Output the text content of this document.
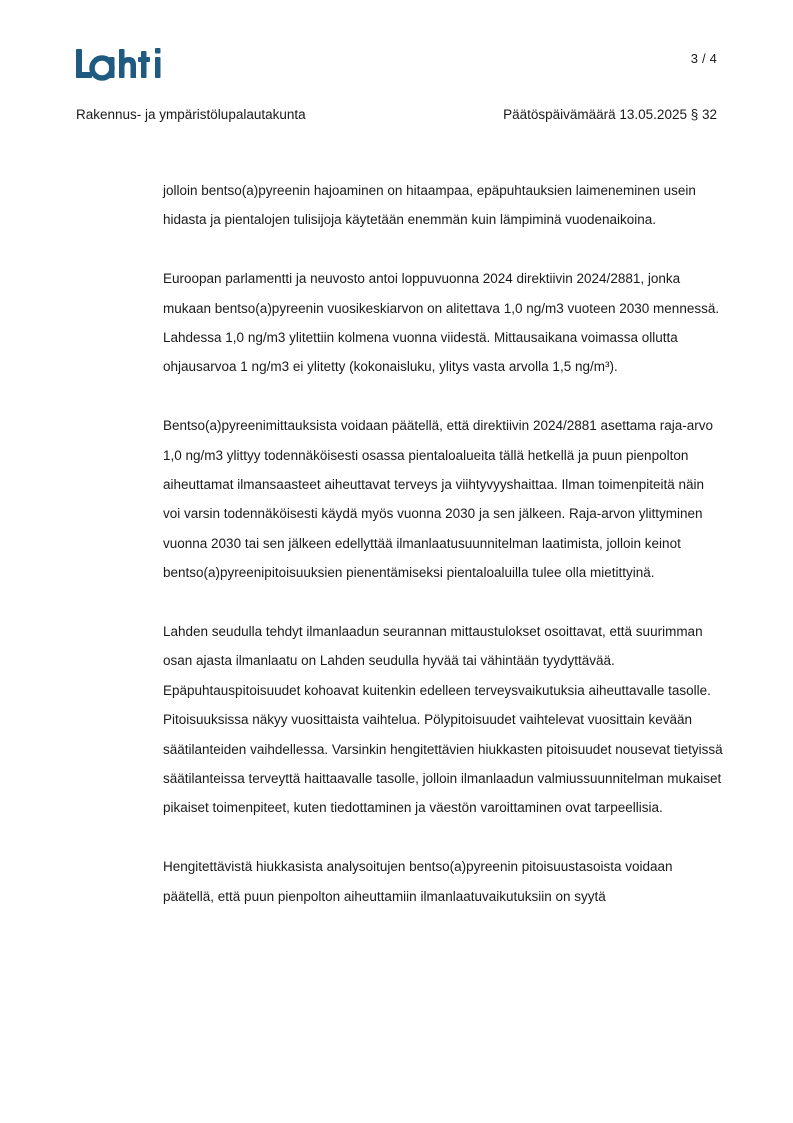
3 / 4
Rakennus- ja ympäristölupalautakunta	Päätöspäivämäärä 13.05.2025 § 32

jolloin bentso(a)pyreenin hajoaminen on hitaampaa, epäpuhtauksien laimeneminen usein hidasta ja pientalojen tulisijoja käytetään enemmän kuin lämpiminä vuodenaikoina.

Euroopan parlamentti ja neuvosto antoi loppuvuonna 2024 direktiivin 2024/2881, jonka mukaan bentso(a)pyreenin vuosikeskiarvon on alitettava 1,0 ng/m3 vuoteen 2030 mennessä. Lahdessa 1,0 ng/m3 ylitettiin kolmena vuonna viidestä. Mittausaikana voimassa ollutta ohjausarvoa 1 ng/m3 ei ylitetty (kokonaisluku, ylitys vasta arvolla 1,5 ng/m³).

Bentso(a)pyreenimittauksista voidaan päätellä, että direktiivin 2024/2881 asettama raja-arvo 1,0 ng/m3 ylittyy todennäköisesti osassa pientaloalueita tällä hetkellä ja puun pienpolton aiheuttamat ilmansaasteet aiheuttavat terveys ja viihtyvyyshaittaa. Ilman toimenpiteitä näin voi varsin todennäköisesti käydä myös vuonna 2030 ja sen jälkeen. Raja-arvon ylittyminen vuonna 2030 tai sen jälkeen edellyttää ilmanlaatusuunnitelman laatimista, jolloin keinot bentso(a)pyreenipitoisuuksien pienentämiseksi pientaloaluilla tulee olla mietittyinä.

Lahden seudulla tehdyt ilmanlaadun seurannan mittaustulokset osoittavat, että suurimman osan ajasta ilmanlaatu on Lahden seudulla hyvää tai vähintään tyydyttävää. Epäpuhtauspitoisuudet kohoavat kuitenkin edelleen terveysvaikutuksia aiheuttavalle tasolle. Pitoisuuksissa näkyy vuosittaista vaihtelua. Pölypitoisuudet vaihtelevat vuosittain kevään säätilanteiden vaihdellessa. Varsinkin hengitettävien hiukkasten pitoisuudet nousevat tietyissä säätilanteissa terveyttä haittaavalle tasolle, jolloin ilmanlaadun valmiussuunnitelman mukaiset pikaiset toimenpiteet, kuten tiedottaminen ja väestön varoittaminen ovat tarpeellisia.

Hengitettävistä hiukkasista analysoitujen bentso(a)pyreenin pitoisuustasoista voidaan päätellä, että puun pienpolton aiheuttamiin ilmanlaatuvaikutuksiin on syytä
